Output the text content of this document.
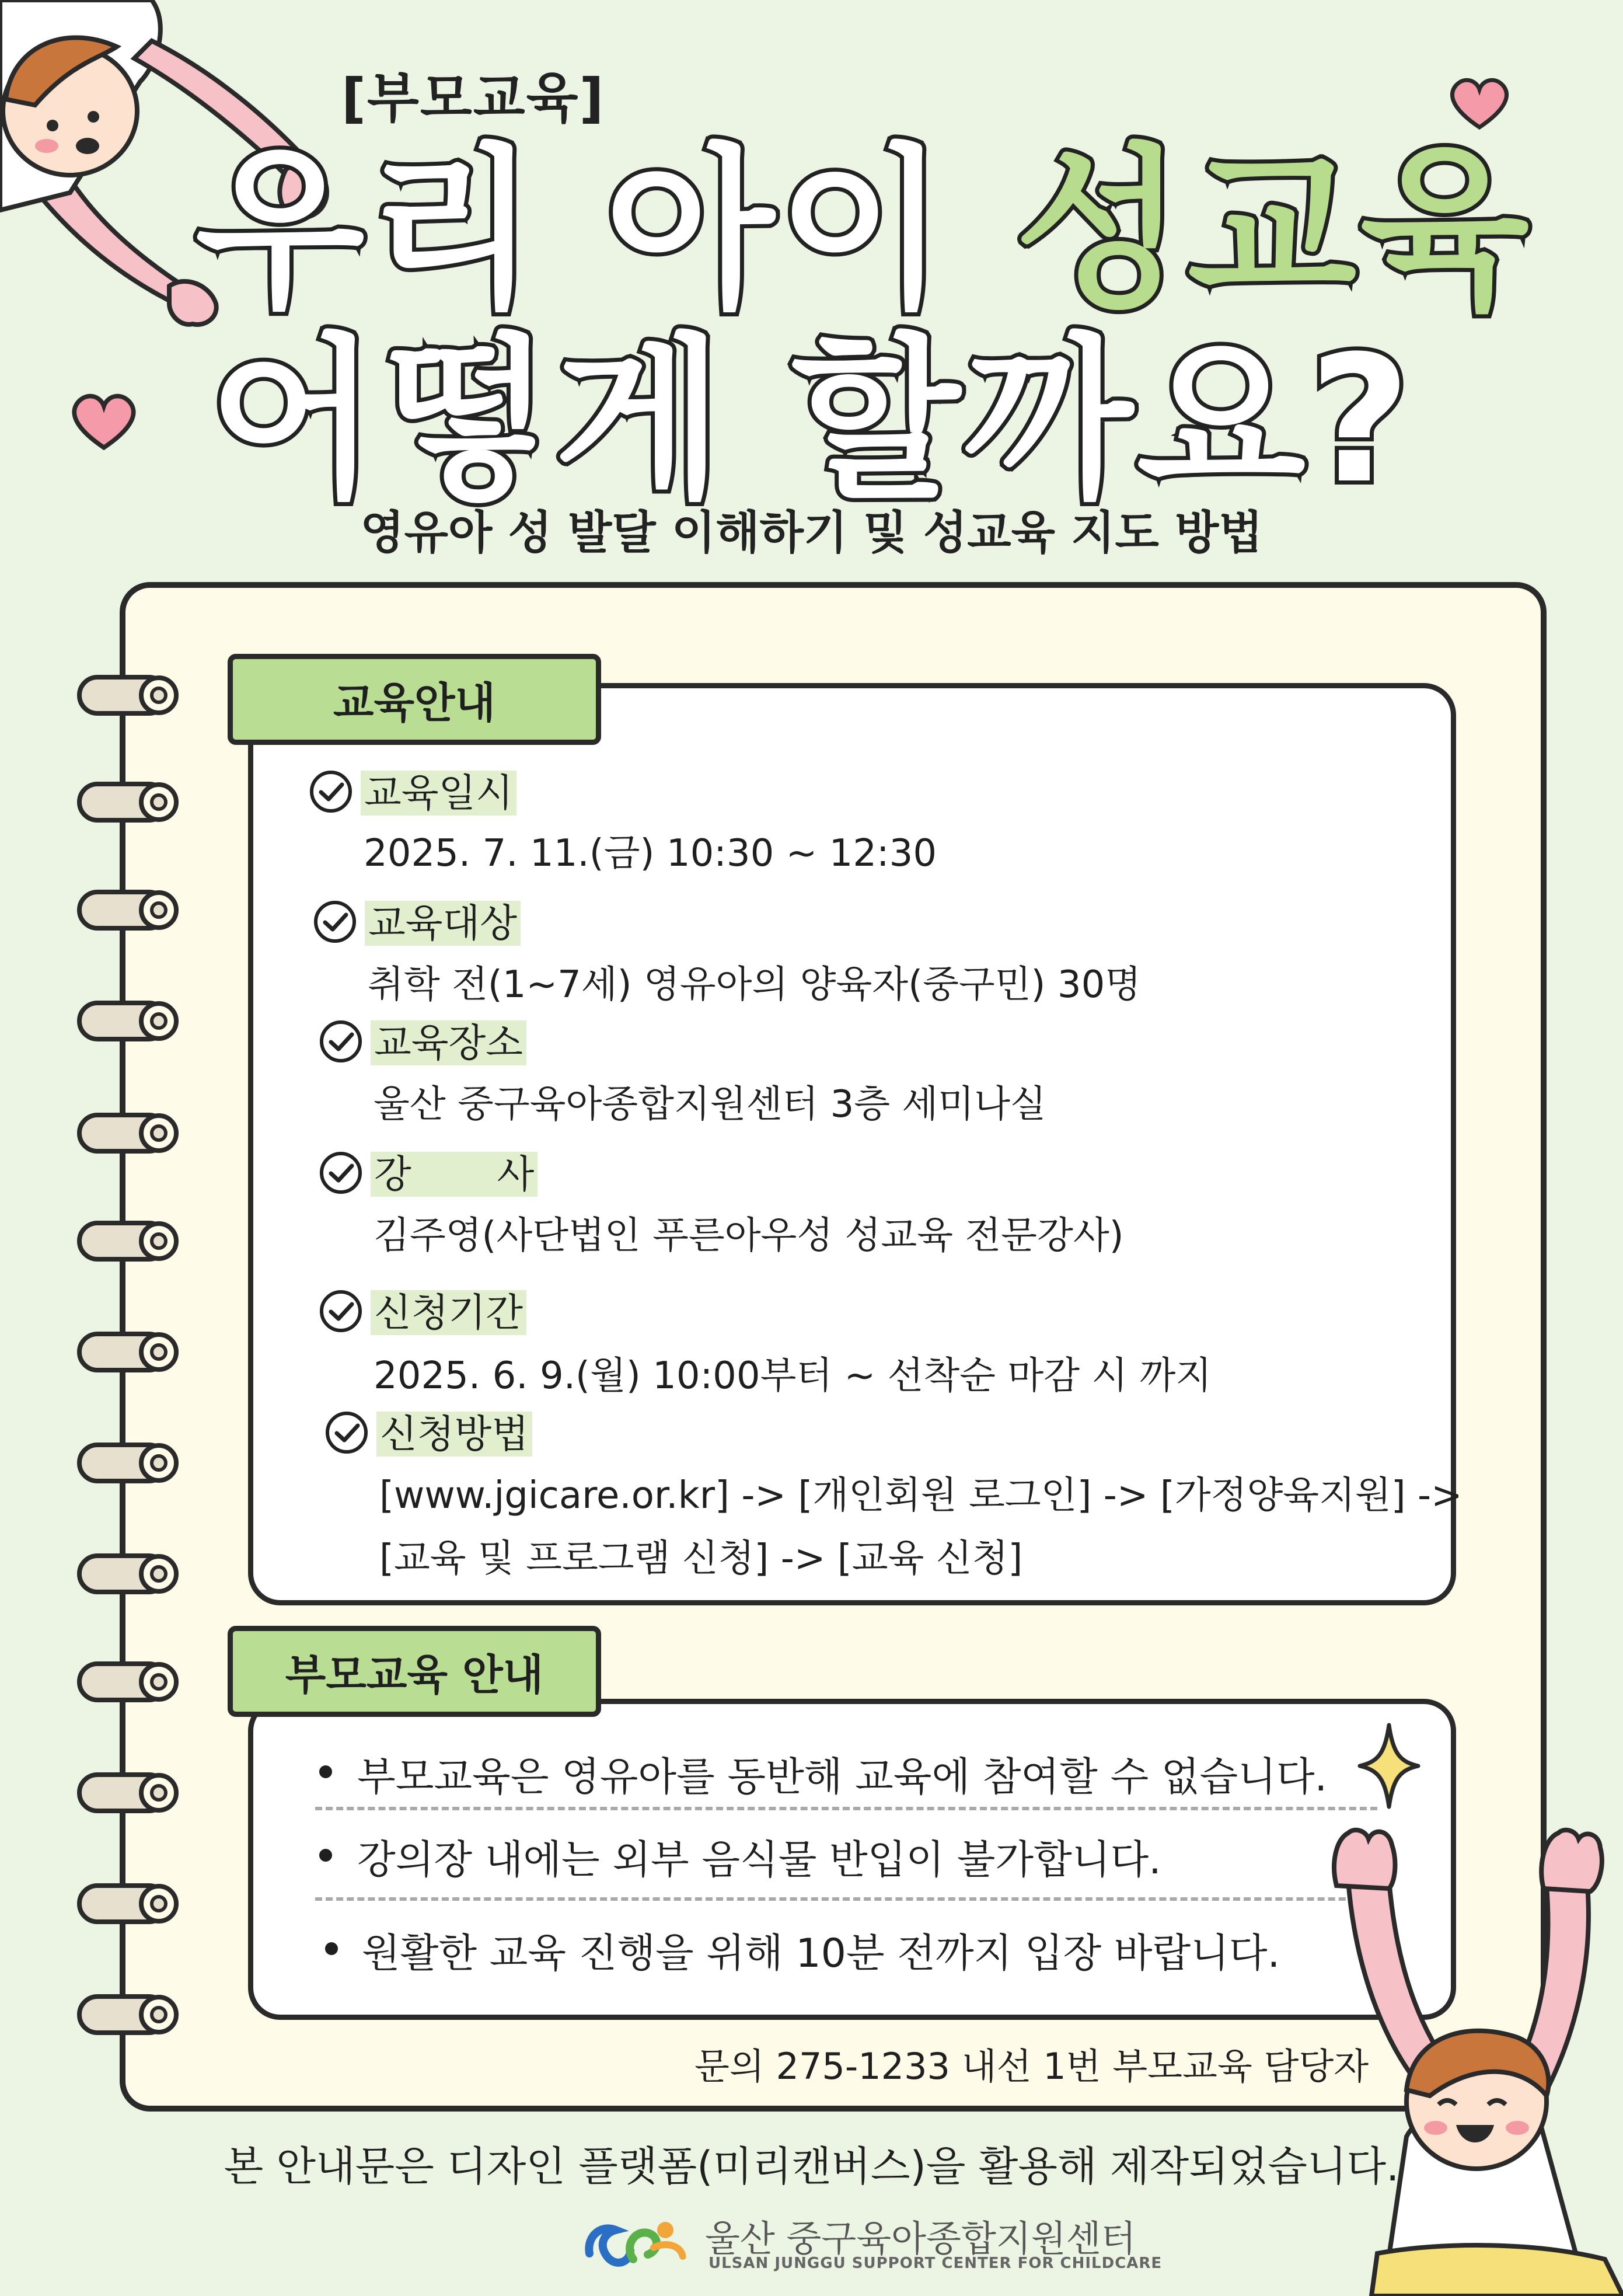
[부모교육]
우리 아이 성교육
어떻게 할까요?
영유아 성 발달 이해하기 및 성교육 지도 방법
교육안내
교육일시
2025. 7. 11.(금) 10:30 ~ 12:30
교육대상
취학 전(1~7세) 영유아의 양육자(중구민) 30명
교육장소
울산 중구육아종합지원센터 3층 세미나실
강       사
김주영(사단법인 푸른아우성 성교육 전문강사)
신청기간
2025. 6. 9.(월) 10:00부터 ~ 선착순 마감 시 까지
신청방법
[www.jgicare.or.kr] -> [개인회원 로그인] -> [가정양육지원] ->
[교육 및 프로그램 신청] -> [교육 신청]
부모교육 안내
부모교육은 영유아를 동반해 교육에 참여할 수 없습니다.
강의장 내에는 외부 음식물 반입이 불가합니다.
원활한 교육 진행을 위해 10분 전까지 입장 바랍니다.
문의 275-1233 내선 1번 부모교육 담당자
본 안내문은 디자인 플랫폼(미리캔버스)을 활용해 제작되었습니다.
울산 중구육아종합지원센터
ULSAN JUNGGU SUPPORT CENTER FOR CHILDCARE
